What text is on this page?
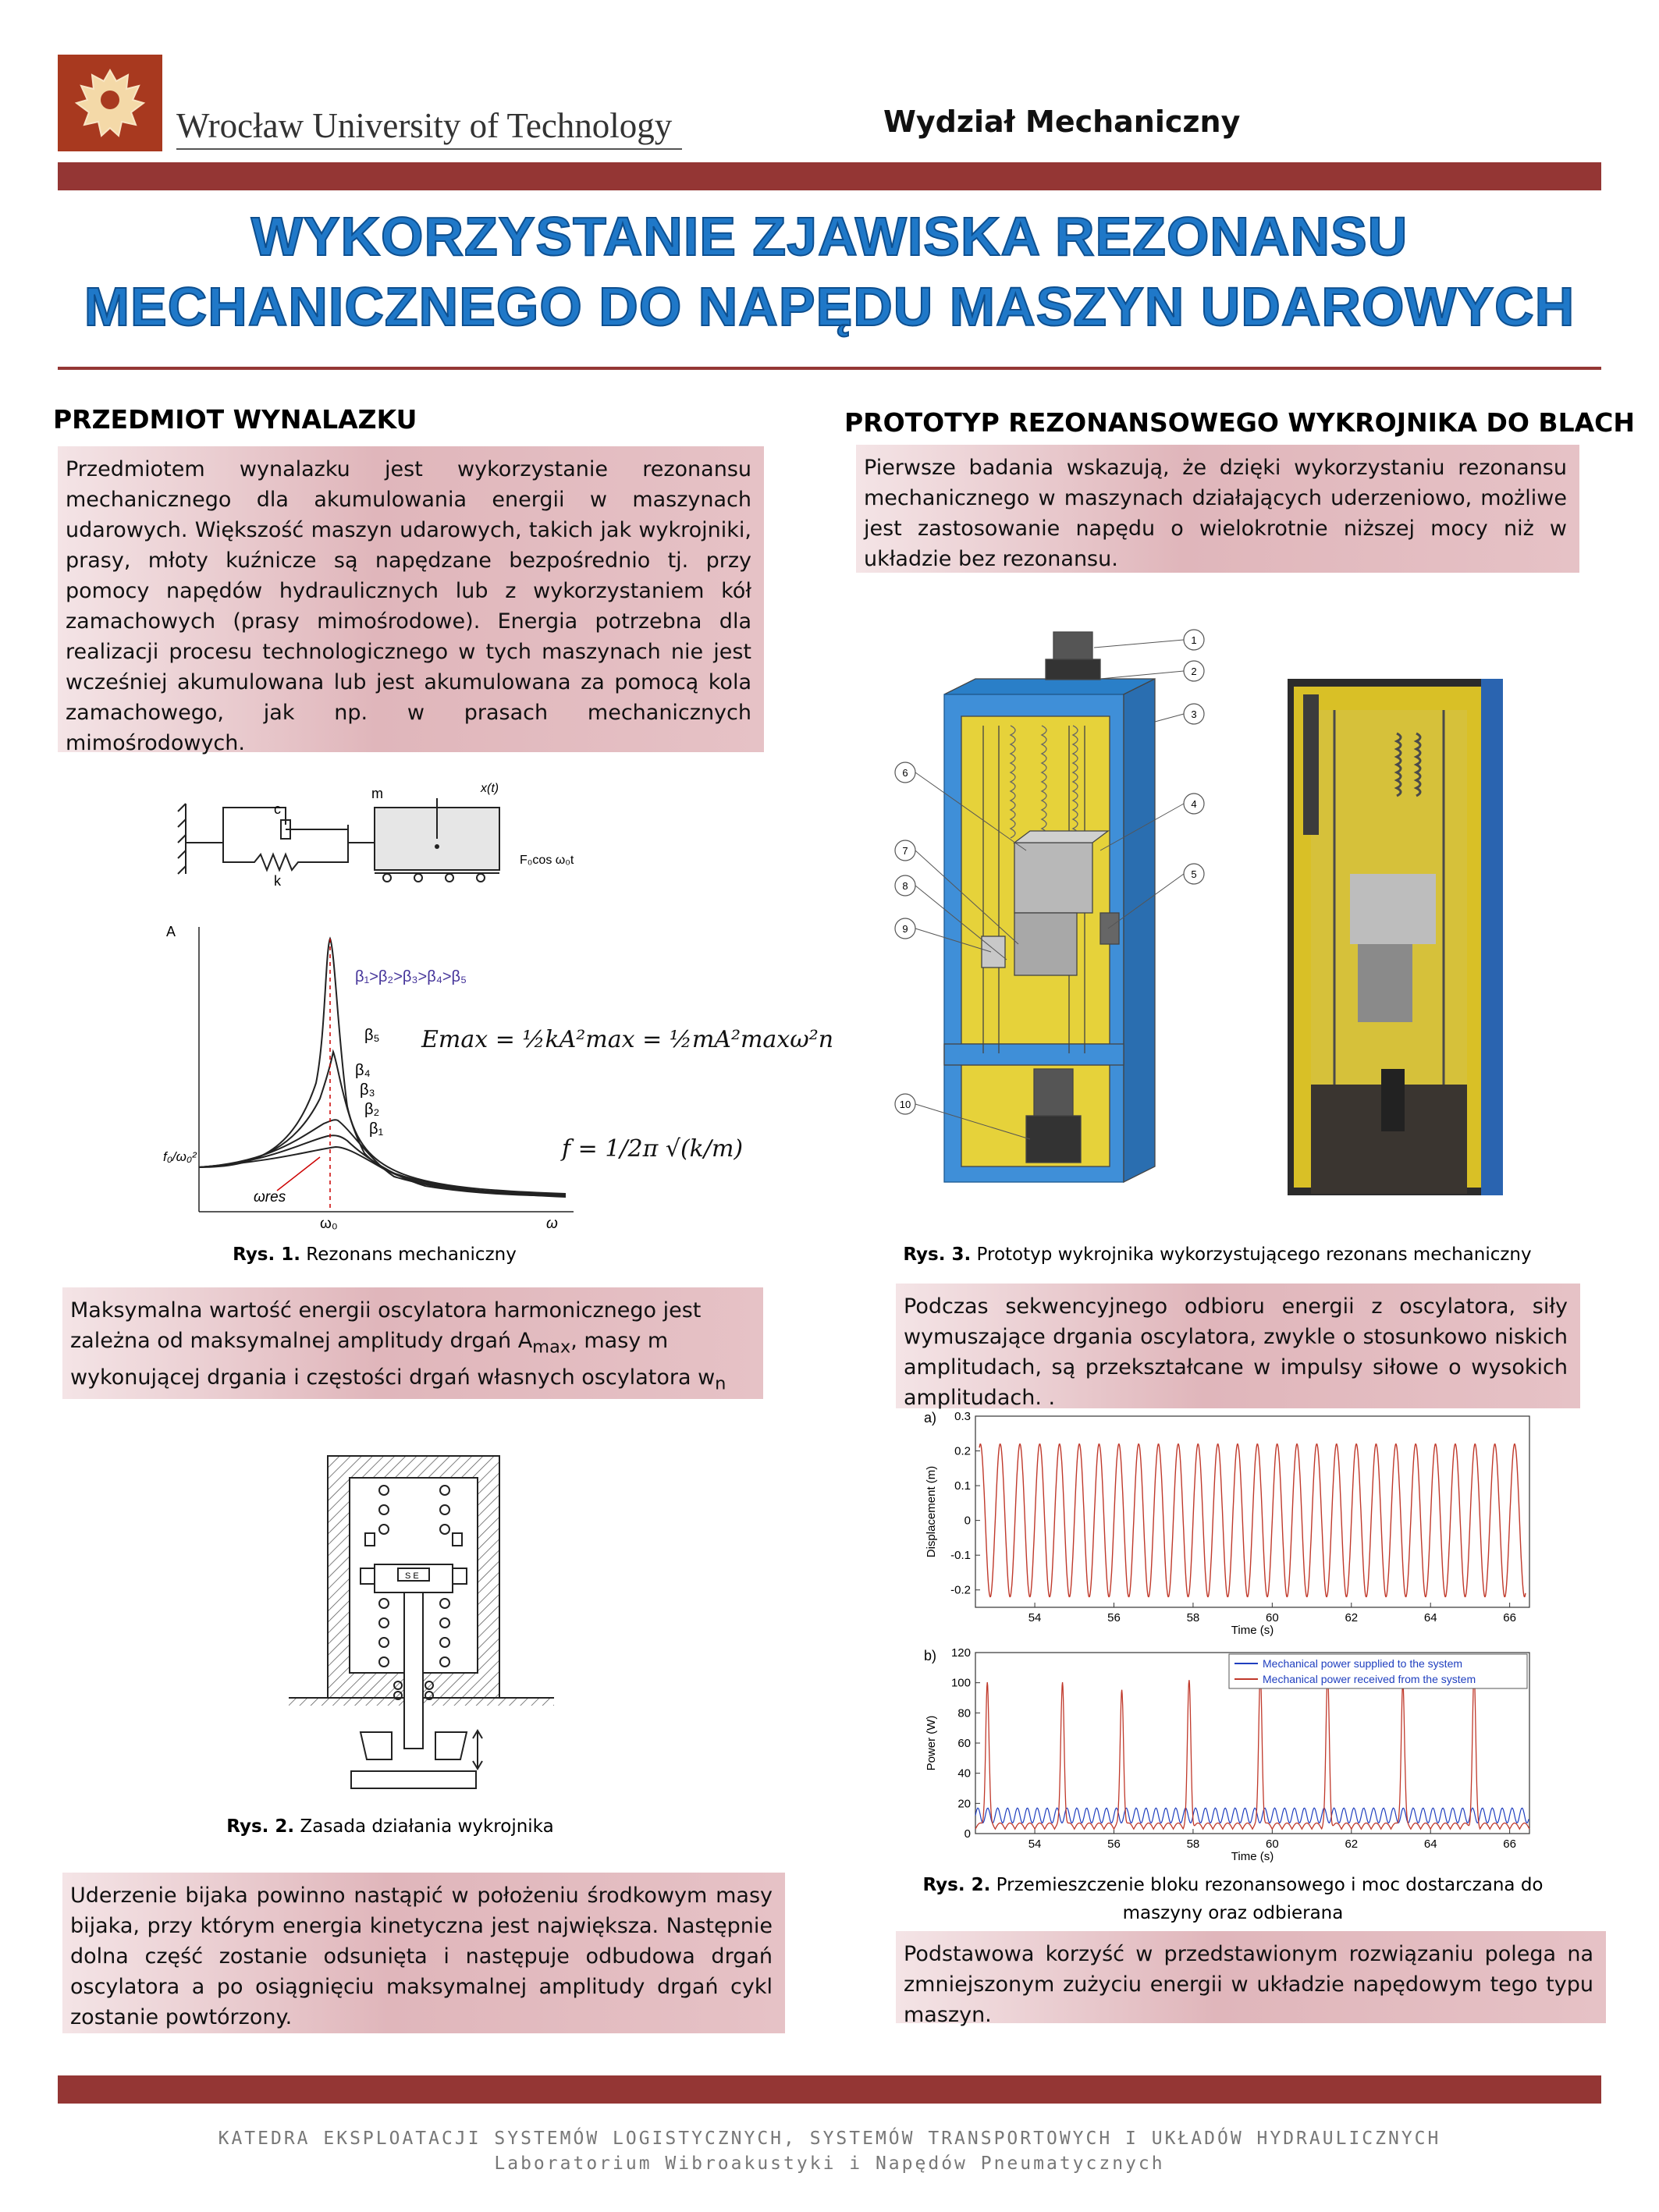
Wrocław University of Technology	Wydział Mechaniczny
WYKORZYSTANIE ZJAWISKA REZONANSU
MECHANICZNEGO DO NAPĘDU MASZYN UDAROWYCH
PRZEDMIOT WYNALAZKU
Przedmiotem wynalazku jest wykorzystanie rezonansu mechanicznego dla akumulowania energii w maszynach udarowych. Większość maszyn udarowych, takich jak wykrojniki, prasy, młoty kuźnicze są napędzane bezpośrednio tj. przy pomocy napędów hydraulicznych lub z wykorzystaniem kół zamachowych (prasy mimośrodowe). Energia potrzebna dla realizacji procesu technologicznego w tych maszynach nie jest wcześniej akumulowana lub jest akumulowana za pomocą kola zamachowego, jak np. w prasach mechanicznych mimośrodowych.
c
k
m	x(t)
F₀cos ω₀t
A
β₁>β₂>β₃>β₄>β₅
β₅
β₄
β₃
β₂
β₁
ωres
ω₀	ω
f₀/ω₀²
Emax = ½kA²max = ½mA²maxω²n
f = 1/2π √(k/m)
Rys. 1. Rezonans mechaniczny
Maksymalna wartość energii oscylatora harmonicznego jest zależna od maksymalnej amplitudy drgań $A_{max}$, masy m wykonującej drgania i częstości drgań własnych oscylatora $w_n$
S E
Rys. 2. Zasada działania wykrojnika
Uderzenie bijaka powinno nastąpić w położeniu środkowym masy bijaka, przy którym energia kinetyczna jest największa. Następnie dolna część zostanie odsunięta i następuje odbudowa drgań oscylatora a po osiągnięciu maksymalnej amplitudy drgań cykl zostanie powtórzony.
PROTOTYP REZONANSOWEGO WYKROJNIKA DO BLACH
Pierwsze badania wskazują, że dzięki wykorzystaniu rezonansu mechanicznego w maszynach działających uderzeniowo, możliwe jest zastosowanie napędu o wielokrotnie niższej mocy niż w układzie bez rezonansu.
1
2
3
4
5
6
7
8
9
10
Rys. 3. Prototyp wykrojnika wykorzystującego rezonans mechaniczny
Podczas sekwencyjnego odbioru energii z oscylatora, siły wymuszające drgania oscylatora, zwykle o stosunkowo niskich amplitudach, są przekształcane w impulsy siłowe o wysokich amplitudach. .
a)
54	56	58	60	62	64	66
-0.2
-0.1
0
0.1
0.2
0.3
Time (s)
Displacement (m)
b)
54	56	58	60	62	64	66
0
20
40
60
80
100
120
Time (s)
Power (W)
Mechanical power supplied to the system
Mechanical power received from the system
Rys. 2. Przemieszczenie bloku rezonansowego i moc dostarczana do maszyny oraz odbierana
Podstawowa korzyść w przedstawionym rozwiązaniu polega na zmniejszonym zużyciu energii w układzie napędowym tego typu maszyn.
KATEDRA EKSPLOATACJI SYSTEMÓW LOGISTYCZNYCH, SYSTEMÓW TRANSPORTOWYCH I UKŁADÓW HYDRAULICZNYCH
Laboratorium Wibroakustyki i Napędów Pneumatycznych
